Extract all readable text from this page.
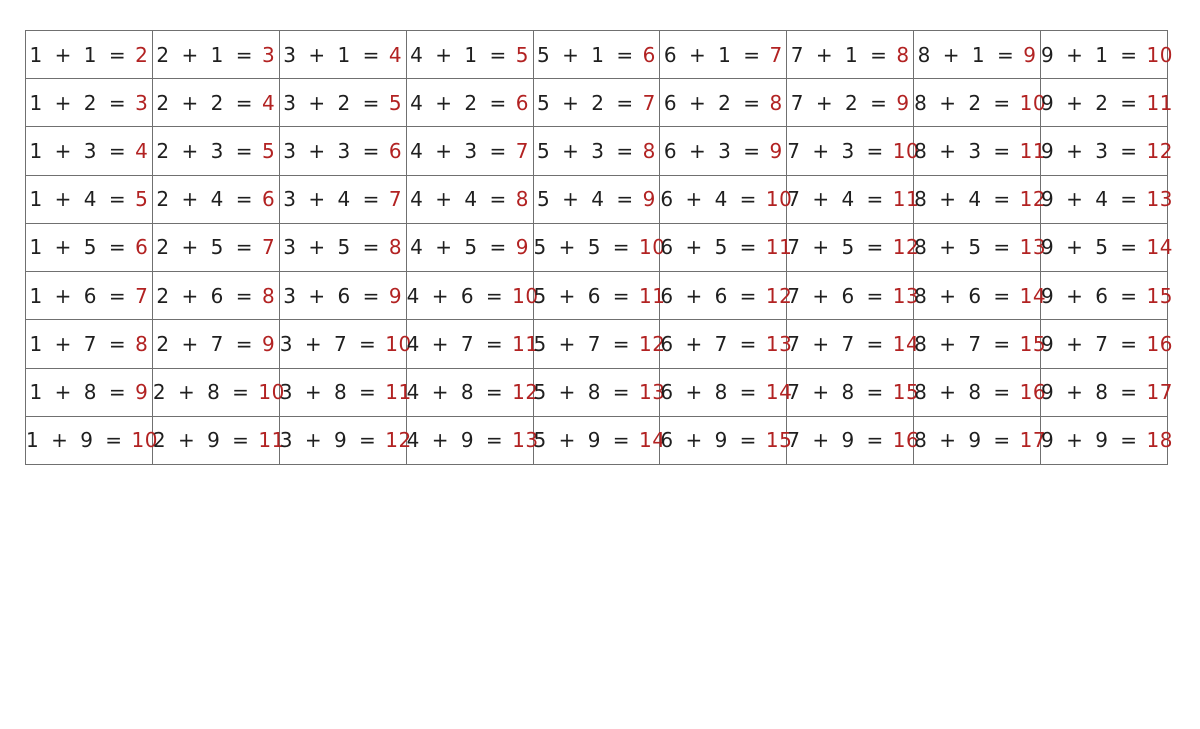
1 + 1 = 2	2 + 1 = 3	3 + 1 = 4	4 + 1 = 5	5 + 1 = 6	6 + 1 = 7	7 + 1 = 8	8 + 1 = 9	9 + 1 = 10
1 + 2 = 3	2 + 2 = 4	3 + 2 = 5	4 + 2 = 6	5 + 2 = 7	6 + 2 = 8	7 + 2 = 9	8 + 2 = 10	9 + 2 = 11
1 + 3 = 4	2 + 3 = 5	3 + 3 = 6	4 + 3 = 7	5 + 3 = 8	6 + 3 = 9	7 + 3 = 10	8 + 3 = 11	9 + 3 = 12
1 + 4 = 5	2 + 4 = 6	3 + 4 = 7	4 + 4 = 8	5 + 4 = 9	6 + 4 = 10	7 + 4 = 11	8 + 4 = 12	9 + 4 = 13
1 + 5 = 6	2 + 5 = 7	3 + 5 = 8	4 + 5 = 9	5 + 5 = 10	6 + 5 = 11	7 + 5 = 12	8 + 5 = 13	9 + 5 = 14
1 + 6 = 7	2 + 6 = 8	3 + 6 = 9	4 + 6 = 10	5 + 6 = 11	6 + 6 = 12	7 + 6 = 13	8 + 6 = 14	9 + 6 = 15
1 + 7 = 8	2 + 7 = 9	3 + 7 = 10	4 + 7 = 11	5 + 7 = 12	6 + 7 = 13	7 + 7 = 14	8 + 7 = 15	9 + 7 = 16
1 + 8 = 9	2 + 8 = 10	3 + 8 = 11	4 + 8 = 12	5 + 8 = 13	6 + 8 = 14	7 + 8 = 15	8 + 8 = 16	9 + 8 = 17
1 + 9 = 10	2 + 9 = 11	3 + 9 = 12	4 + 9 = 13	5 + 9 = 14	6 + 9 = 15	7 + 9 = 16	8 + 9 = 17	9 + 9 = 18
